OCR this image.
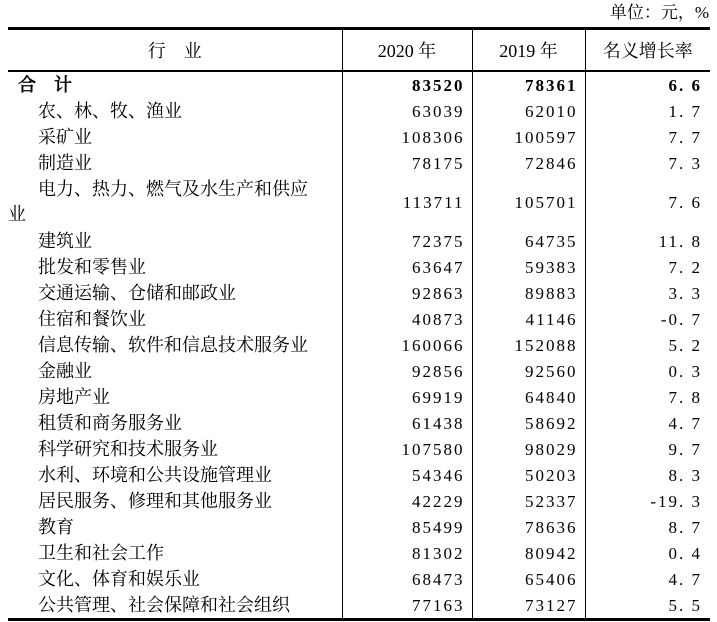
单位：元，%
行　业	2020 年	2019 年	名义增长率
合　计	83520	78361	6. 6
农、林、牧、渔业	63039	62010	1. 7
采矿业	108306	100597	7. 7
制造业	78175	72846	7. 3
电力、热力、燃气及水生产和供应
业	113711	105701	7. 6
建筑业	72375	64735	11. 8
批发和零售业	63647	59383	7. 2
交通运输、仓储和邮政业	92863	89883	3. 3
住宿和餐饮业	40873	41146	-0. 7
信息传输、软件和信息技术服务业	160066	152088	5. 2
金融业	92856	92560	0. 3
房地产业	69919	64840	7. 8
租赁和商务服务业	61438	58692	4. 7
科学研究和技术服务业	107580	98029	9. 7
水利、环境和公共设施管理业	54346	50203	8. 3
居民服务、修理和其他服务业	42229	52337	-19. 3
教育	85499	78636	8. 7
卫生和社会工作	81302	80942	0. 4
文化、体育和娱乐业	68473	65406	4. 7
公共管理、社会保障和社会组织	77163	73127	5. 5
